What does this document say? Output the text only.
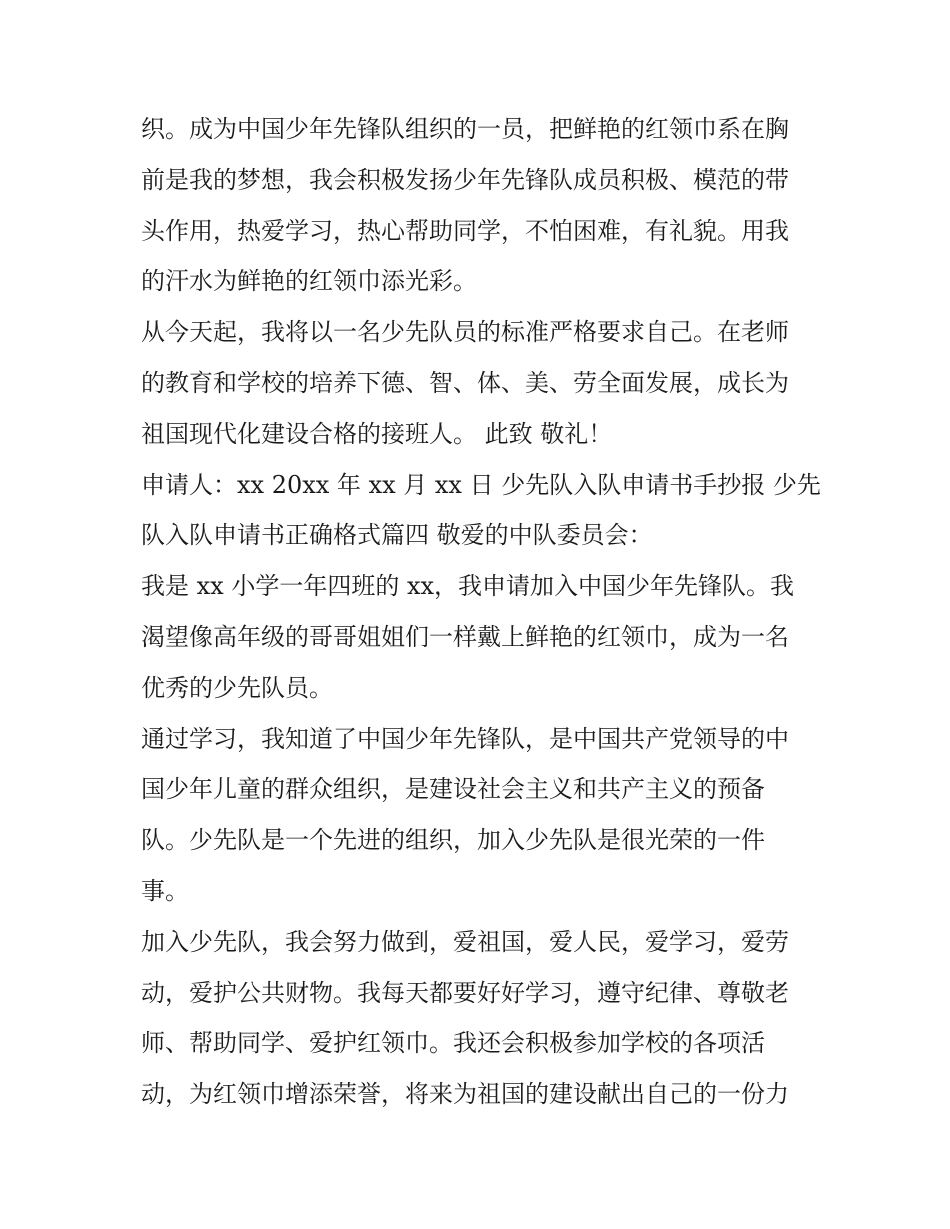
织。成为中国少年先锋队组织的一员，把鲜艳的红领巾系在胸
前是我的梦想，我会积极发扬少年先锋队成员积极、模范的带
头作用，热爱学习，热心帮助同学，不怕困难，有礼貌。用我
的汗水为鲜艳的红领巾添光彩。
从今天起，我将以一名少先队员的标准严格要求自己。在老师
的教育和学校的培养下德、智、体、美、劳全面发展，成长为
祖国现代化建设合格的接班人。 此致 敬礼！
申请人：xx 20xx 年 xx 月 xx 日 少先队入队申请书手抄报 少先
队入队申请书正确格式篇四 敬爱的中队委员会：
我是 xx 小学一年四班的 xx，我申请加入中国少年先锋队。我
渴望像高年级的哥哥姐姐们一样戴上鲜艳的红领巾，成为一名
优秀的少先队员。
通过学习，我知道了中国少年先锋队，是中国共产党领导的中
国少年儿童的群众组织，是建设社会主义和共产主义的预备
队。少先队是一个先进的组织，加入少先队是很光荣的一件
事。
加入少先队，我会努力做到，爱祖国，爱人民，爱学习，爱劳
动，爱护公共财物。我每天都要好好学习，遵守纪律、尊敬老
师、帮助同学、爱护红领巾。我还会积极参加学校的各项活
动，为红领巾增添荣誉，将来为祖国的建设献出自己的一份力
